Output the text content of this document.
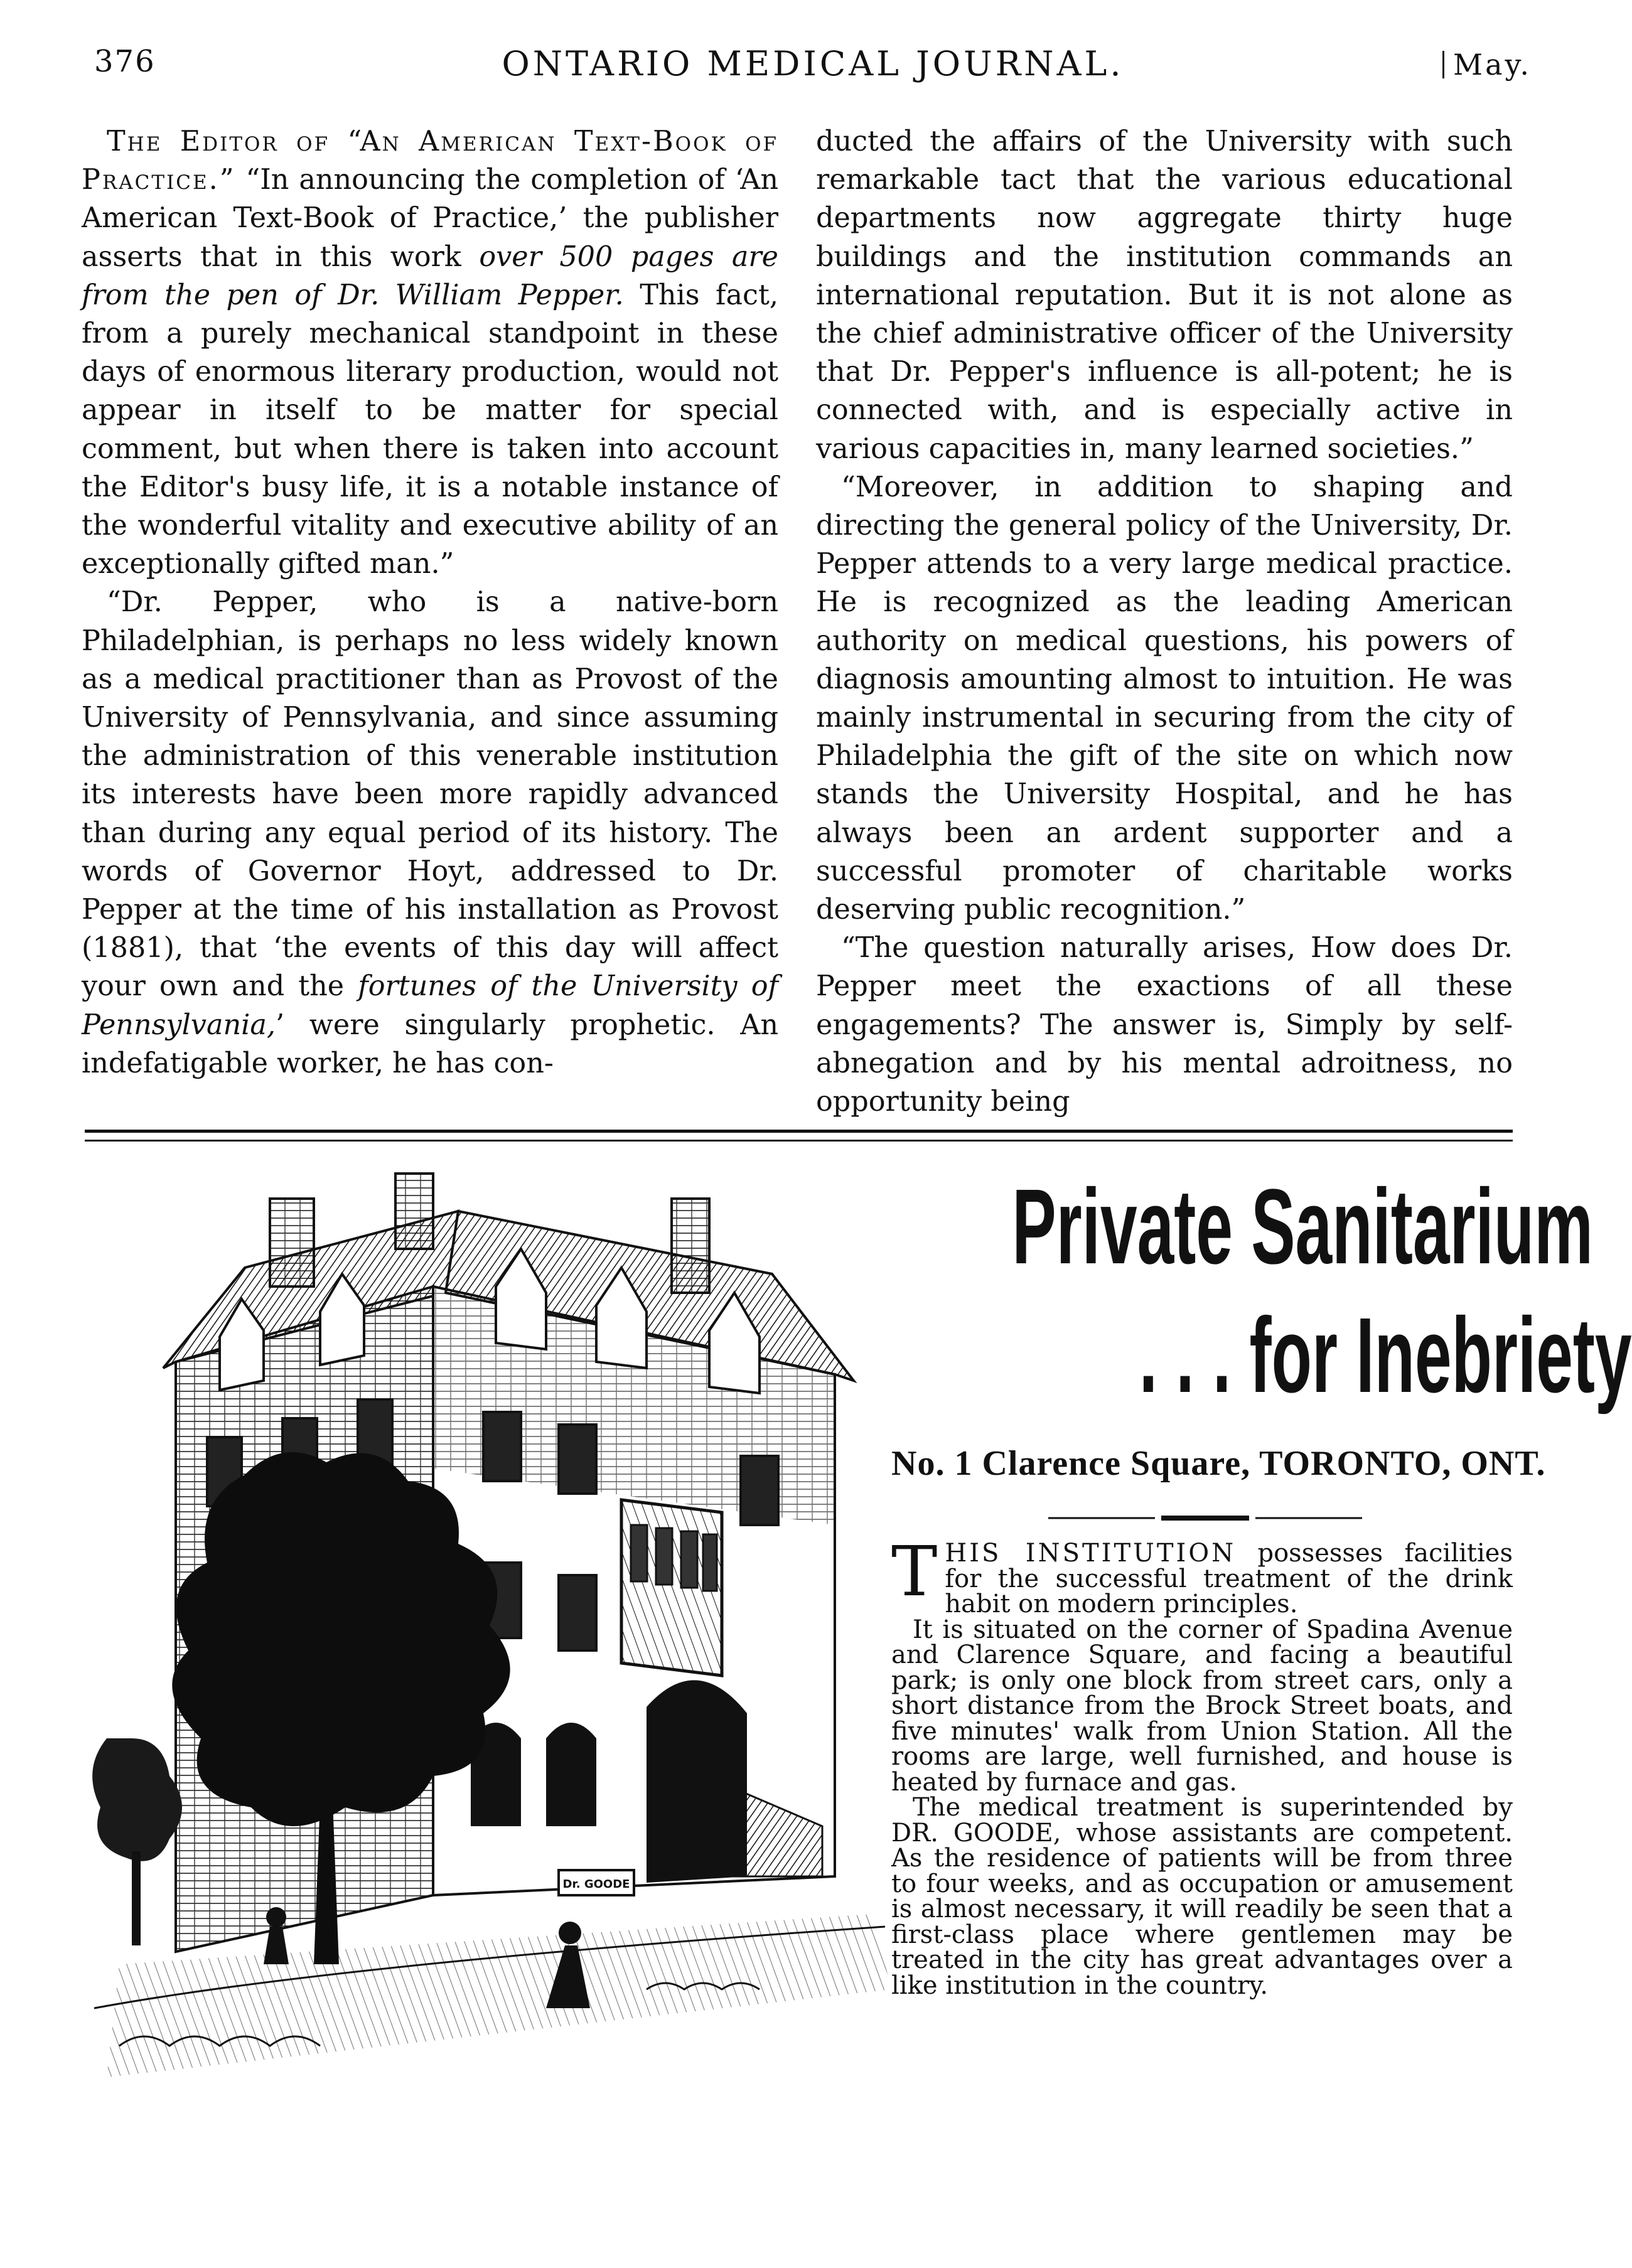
376	ONTARIO MEDICAL JOURNAL.	May.

The Editor of “An American Text-Book of Practice.” “In announcing the completion of ‘An American Text-Book of Practice,’ the publisher asserts that in this work over 500 pages are from the pen of Dr. William Pepper. This fact, from a purely mechanical standpoint in these days of enormous literary production, would not appear in itself to be matter for special comment, but when there is taken into account the Editor's busy life, it is a notable instance of the wonderful vitality and executive ability of an exceptionally gifted man.”

“Dr. Pepper, who is a native-born Philadelphian, is perhaps no less widely known as a medical practitioner than as Provost of the University of Pennsylvania, and since assuming the administration of this venerable institution its interests have been more rapidly advanced than during any equal period of its history. The words of Governor Hoyt, addressed to Dr. Pepper at the time of his installation as Provost (1881), that ‘the events of this day will affect your own and the fortunes of the University of Pennsylvania,’ were singularly prophetic. An indefatigable worker, he has con-

ducted the affairs of the University with such remarkable tact that the various educational departments now aggregate thirty huge buildings and the institution commands an international reputation. But it is not alone as the chief administrative officer of the University that Dr. Pepper's influence is all-potent; he is connected with, and is especially active in various capacities in, many learned societies.”

“Moreover, in addition to shaping and directing the general policy of the University, Dr. Pepper attends to a very large medical practice. He is recognized as the leading American authority on medical questions, his powers of diagnosis amounting almost to intuition. He was mainly instrumental in securing from the city of Philadelphia the gift of the site on which now stands the University Hospital, and he has always been an ardent supporter and a successful promoter of charitable works deserving public recognition.”

“The question naturally arises, How does Dr. Pepper meet the exactions of all these engagements? The answer is, Simply by self-abnegation and by his mental adroitness, no opportunity being

Dr. GOODE
Private Sanitarium
. . . for Inebriety
No. 1 Clarence Square, TORONTO, ONT.

THIS INSTITUTION possesses facilities for the successful treatment of the drink habit on modern principles.

It is situated on the corner of Spadina Avenue and Clarence Square, and facing a beautiful park; is only one block from street cars, only a short distance from the Brock Street boats, and five minutes' walk from Union Station. All the rooms are large, well furnished, and house is heated by furnace and gas.

The medical treatment is superintended by DR. GOODE, whose assistants are competent. As the residence of patients will be from three to four weeks, and as occupation or amusement is almost necessary, it will readily be seen that a first-class place where gentlemen may be treated in the city has great advantages over a like institution in the country.
